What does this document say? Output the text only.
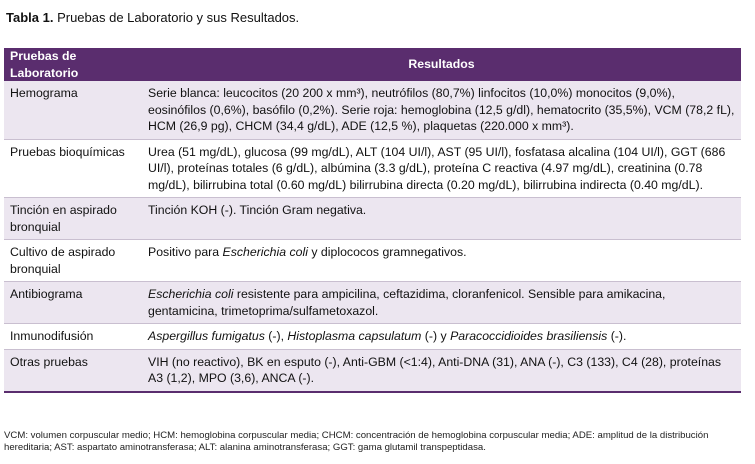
Tabla 1. Pruebas de Laboratorio y sus Resultados.
Pruebas de Laboratorio	Resultados
Hemograma	Serie blanca: leucocitos (20 200 x mm³), neutrófilos (80,7%) linfocitos (10,0%) monocitos (9,0%), eosinófilos (0,6%), basófilo (0,2%). Serie roja: hemoglobina (12,5 g/dl), hematocrito (35,5%), VCM (78,2 fL), HCM (26,9 pg), CHCM (34,4 g/dL), ADE (12,5 %), plaquetas (220.000 x mm³).
Pruebas bioquímicas	Urea (51 mg/dL), glucosa (99 mg/dL), ALT (104 UI/l), AST (95 UI/l), fosfatasa alcalina (104 UI/l), GGT (686 UI/l), proteínas totales (6 g/dL), albúmina (3.3 g/dL), proteína C reactiva (4.97 mg/dL), creatinina (0.78 mg/dL), bilirrubina total (0.60 mg/dL) bilirrubina directa (0.20 mg/dL), bilirrubina indirecta (0.40 mg/dL).
Tinción en aspirado bronquial	Tinción KOH (-). Tinción Gram negativa.
Cultivo de aspirado bronquial	Positivo para Escherichia coli y diplococos gramnegativos.
Antibiograma	Escherichia coli resistente para ampicilina, ceftazidima, cloranfenicol. Sensible para amikacina, gentamicina, trimetoprima/sulfametoxazol.
Inmunodifusión	Aspergillus fumigatus (-), Histoplasma capsulatum (-) y Paracoccidioides brasiliensis (-).
Otras pruebas	VIH (no reactivo), BK en esputo (-), Anti-GBM (<1:4), Anti-DNA (31), ANA (-), C3 (133), C4 (28), proteínas A3 (1,2), MPO (3,6), ANCA (-).
VCM: volumen corpuscular medio; HCM: hemoglobina corpuscular media; CHCM: concentración de hemoglobina corpuscular media; ADE: amplitud de la distribución hereditaria; AST: aspartato aminotransferasa; ALT: alanina aminotransferasa; GGT: gama glutamil transpeptidasa.
